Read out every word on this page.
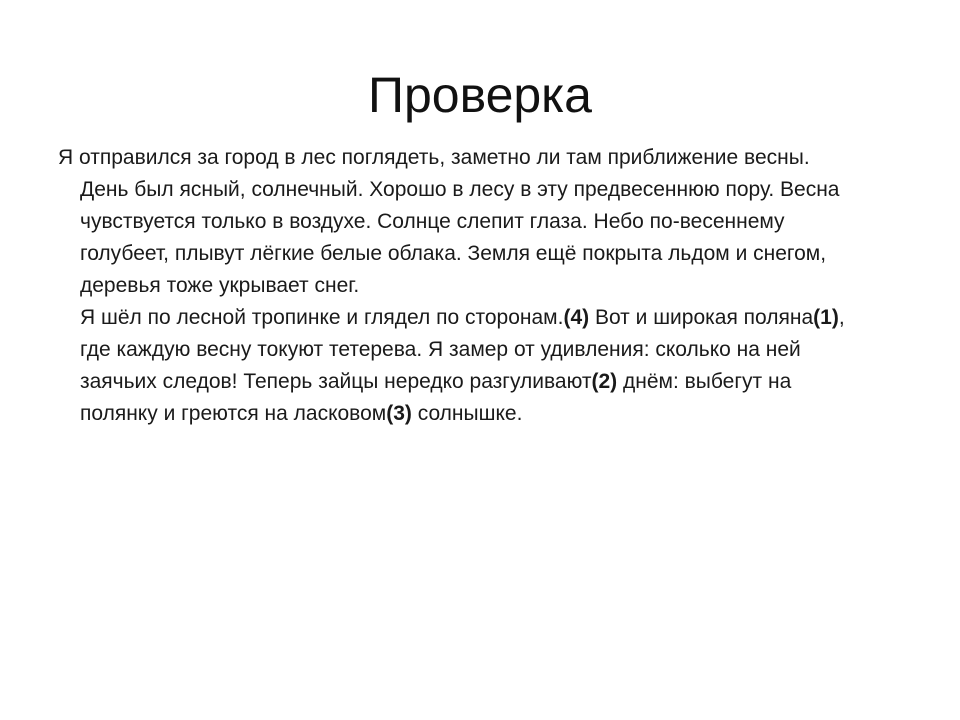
Проверка

Я отправился за город в лес поглядеть, заметно ли там приближение весны. День был ясный, солнечный. Хорошо в лесу в эту предвесеннюю пору. Весна чувствуется только в воздухе. Солнце слепит глаза. Небо по-весеннему голубеет, плывут лёгкие белые облака. Земля ещё покрыта льдом и снегом, деревья тоже укрывает снег.

Я шёл по лесной тропинке и глядел по сторонам.(4) Вот и широкая поляна(1), где каждую весну токуют тетерева. Я замер от удивления: сколько на ней заячьих следов! Теперь зайцы нередко разгуливают(2) днём: выбегут на полянку и греются на ласковом(3) солнышке.
